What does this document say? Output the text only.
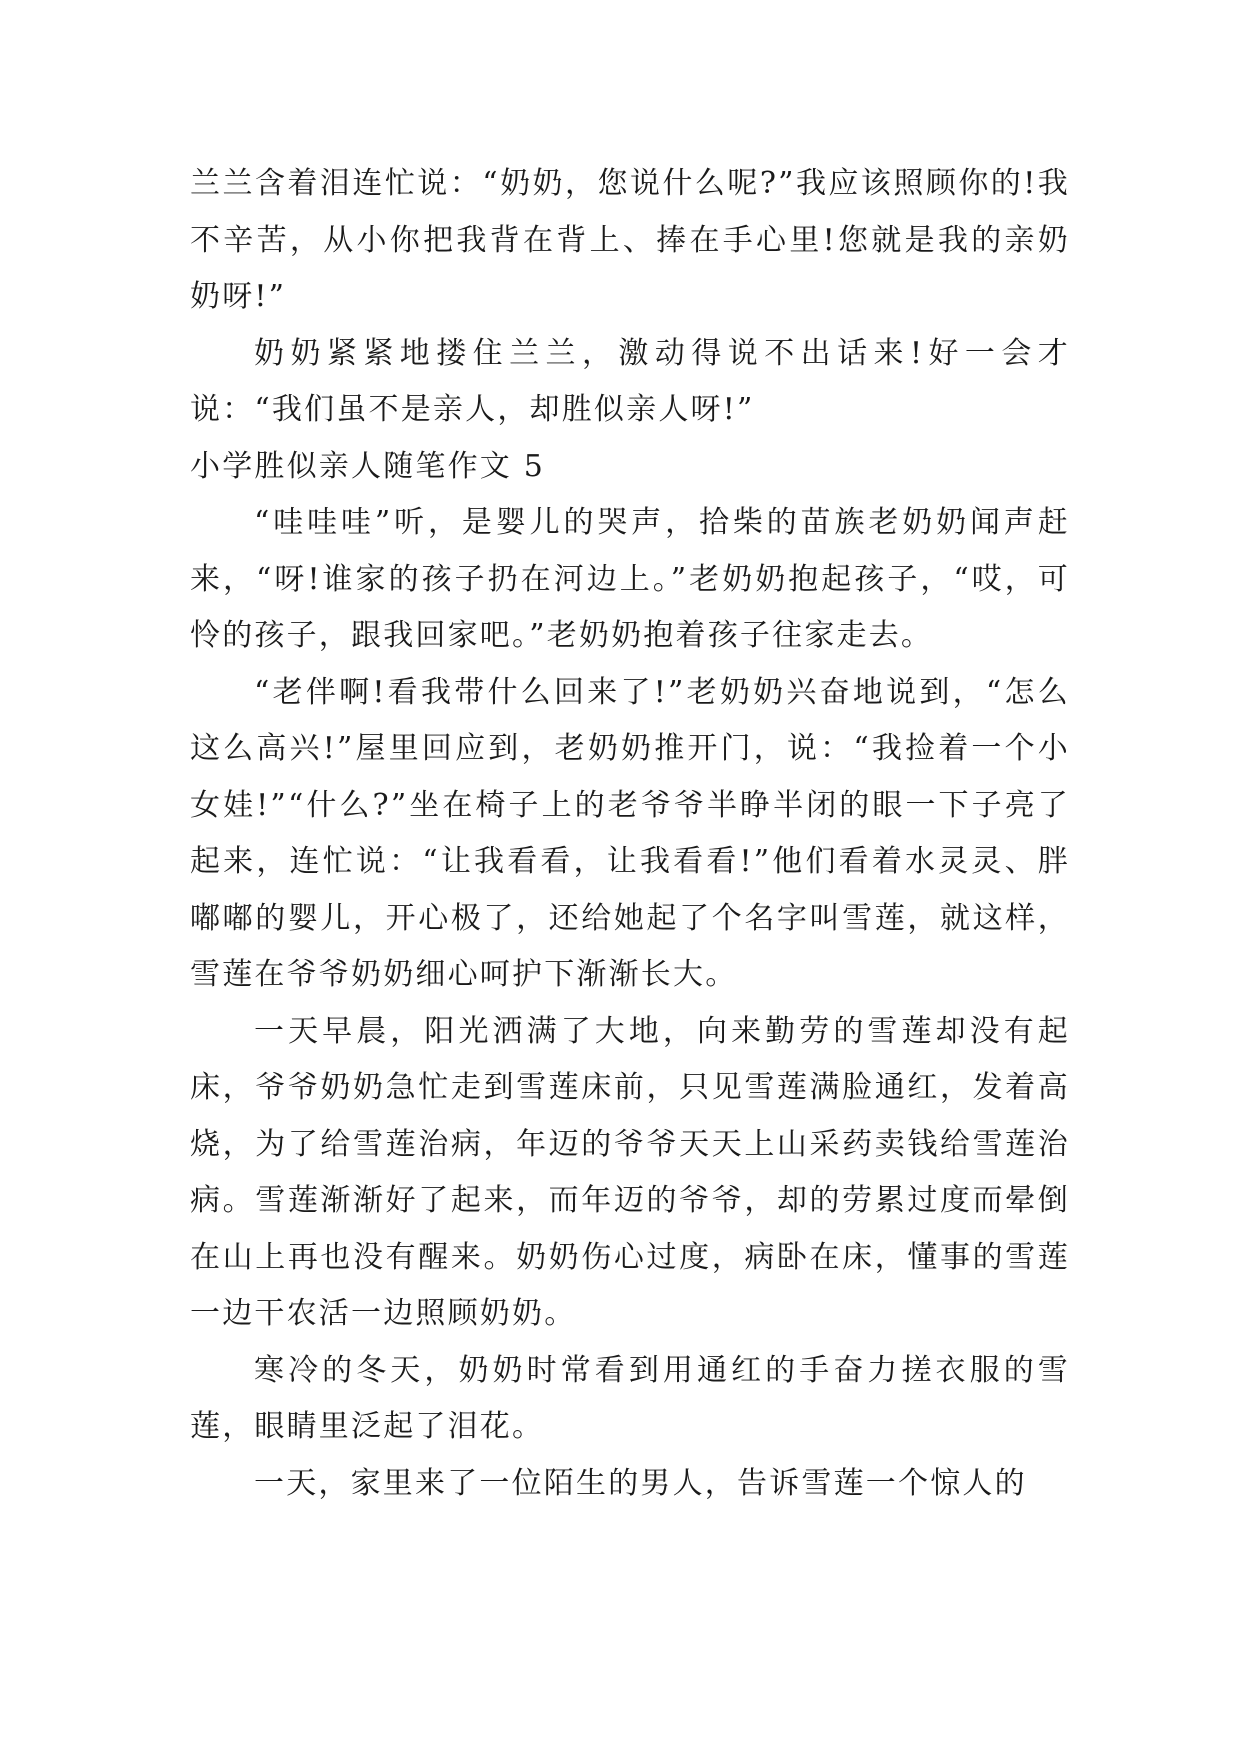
兰兰含着泪连忙说：“奶奶，您说什么呢?”我应该照顾你的!我不辛苦，从小你把我背在背上、捧在手心里!您就是我的亲奶奶呀!”

奶奶紧紧地搂住兰兰，激动得说不出话来!好一会才说：“我们虽不是亲人，却胜似亲人呀!”

小学胜似亲人随笔作文 5

“哇哇哇”听，是婴儿的哭声，拾柴的苗族老奶奶闻声赶来，“呀!谁家的孩子扔在河边上。”老奶奶抱起孩子，“哎，可怜的孩子，跟我回家吧。”老奶奶抱着孩子往家走去。

“老伴啊!看我带什么回来了!”老奶奶兴奋地说到，“怎么这么高兴!”屋里回应到，老奶奶推开门，说：“我捡着一个小女娃!”“什么?”坐在椅子上的老爷爷半睁半闭的眼一下子亮了起来，连忙说：“让我看看，让我看看!”他们看着水灵灵、胖嘟嘟的婴儿，开心极了，还给她起了个名字叫雪莲，就这样，雪莲在爷爷奶奶细心呵护下渐渐长大。

一天早晨，阳光洒满了大地，向来勤劳的雪莲却没有起床，爷爷奶奶急忙走到雪莲床前，只见雪莲满脸通红，发着高烧，为了给雪莲治病，年迈的爷爷天天上山采药卖钱给雪莲治病。雪莲渐渐好了起来，而年迈的爷爷，却的劳累过度而晕倒在山上再也没有醒来。奶奶伤心过度，病卧在床，懂事的雪莲一边干农活一边照顾奶奶。

寒冷的冬天，奶奶时常看到用通红的手奋力搓衣服的雪莲，眼睛里泛起了泪花。

一天，家里来了一位陌生的男人，告诉雪莲一个惊人的
